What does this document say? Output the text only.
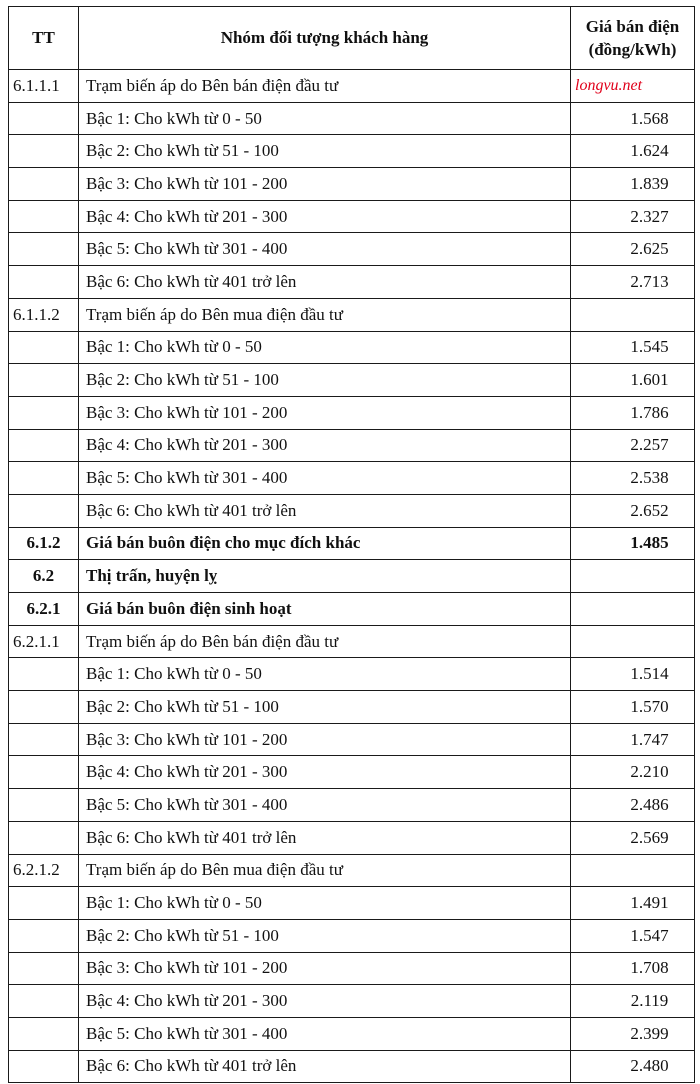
TT	Nhóm đối tượng khách hàng	Giá bán điện
(đồng/kWh)
6.1.1.1	Trạm biến áp do Bên bán điện đầu tư	longvu.net

	Bậc 1: Cho kWh từ 0 - 50	1.568
	Bậc 2: Cho kWh từ 51 - 100	1.624
	Bậc 3: Cho kWh từ 101 - 200	1.839
	Bậc 4: Cho kWh từ 201 - 300	2.327
	Bậc 5: Cho kWh từ 301 - 400	2.625
	Bậc 6: Cho kWh từ 401 trở lên	2.713
6.1.1.2	Trạm biến áp do Bên mua điện đầu tư	
	Bậc 1: Cho kWh từ 0 - 50	1.545
	Bậc 2: Cho kWh từ 51 - 100	1.601
	Bậc 3: Cho kWh từ 101 - 200	1.786
	Bậc 4: Cho kWh từ 201 - 300	2.257
	Bậc 5: Cho kWh từ 301 - 400	2.538
	Bậc 6: Cho kWh từ 401 trở lên	2.652
6.1.2	Giá bán buôn điện cho mục đích khác	1.485
6.2	Thị trấn, huyện lỵ	
6.2.1	Giá bán buôn điện sinh hoạt	
6.2.1.1	Trạm biến áp do Bên bán điện đầu tư	
	Bậc 1: Cho kWh từ 0 - 50	1.514
	Bậc 2: Cho kWh từ 51 - 100	1.570
	Bậc 3: Cho kWh từ 101 - 200	1.747
	Bậc 4: Cho kWh từ 201 - 300	2.210
	Bậc 5: Cho kWh từ 301 - 400	2.486
	Bậc 6: Cho kWh từ 401 trở lên	2.569
6.2.1.2	Trạm biến áp do Bên mua điện đầu tư	
	Bậc 1: Cho kWh từ 0 - 50	1.491
	Bậc 2: Cho kWh từ 51 - 100	1.547
	Bậc 3: Cho kWh từ 101 - 200	1.708
	Bậc 4: Cho kWh từ 201 - 300	2.119
	Bậc 5: Cho kWh từ 301 - 400	2.399
	Bậc 6: Cho kWh từ 401 trở lên	2.480
